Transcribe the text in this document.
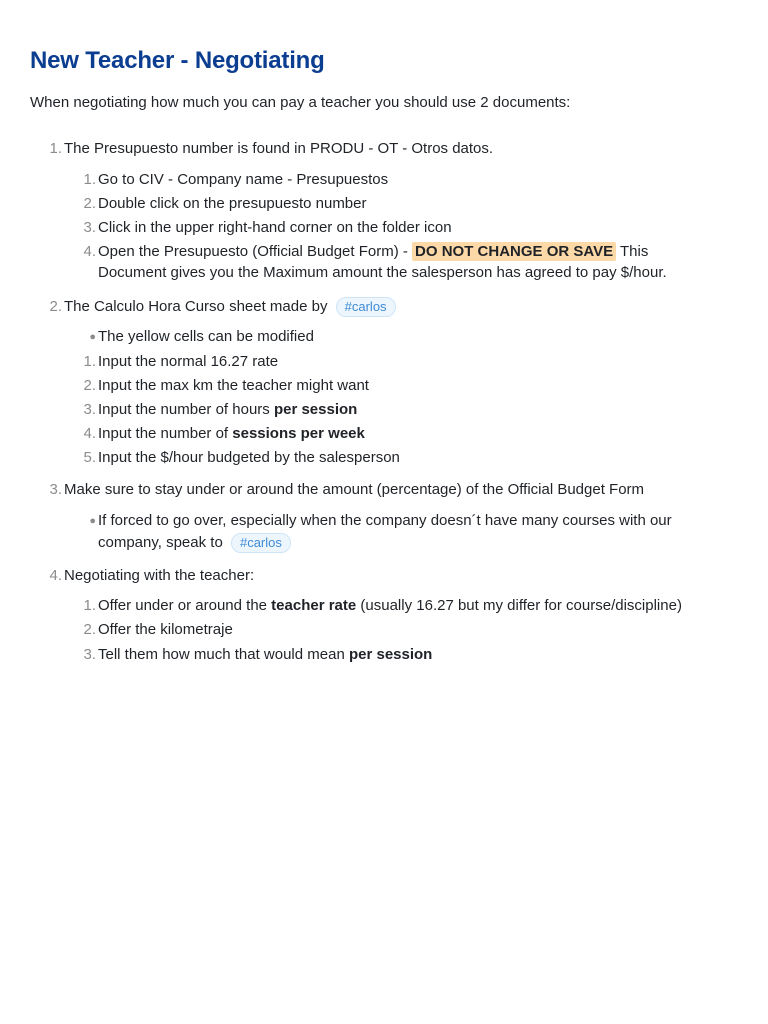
New Teacher - Negotiating
When negotiating how much you can pay a teacher you should use 2 documents:
1. The Presupuesto number is found in PRODU - OT - Otros datos.
1. Go to CIV - Company name - Presupuestos
2. Double click on the presupuesto number
3. Click in the upper right-hand corner on the folder icon
4. Open the Presupuesto (Official Budget Form) - DO NOT CHANGE OR SAVE This
Document gives you the Maximum amount the salesperson has agreed to pay $/hour.
2. The Calculo Hora Curso sheet made by #carlos
● The yellow cells can be modified
1. Input the normal 16.27 rate
2. Input the max km the teacher might want
3. Input the number of hours per session
4. Input the number of sessions per week
5. Input the $/hour budgeted by the salesperson
3. Make sure to stay under or around the amount (percentage) of the Official Budget Form
● If forced to go over, especially when the company doesn´t have many courses with our
company, speak to #carlos
4. Negotiating with the teacher:
1. Offer under or around the teacher rate (usually 16.27 but my differ for course/discipline)
2. Offer the kilometraje
3. Tell them how much that would mean per session
